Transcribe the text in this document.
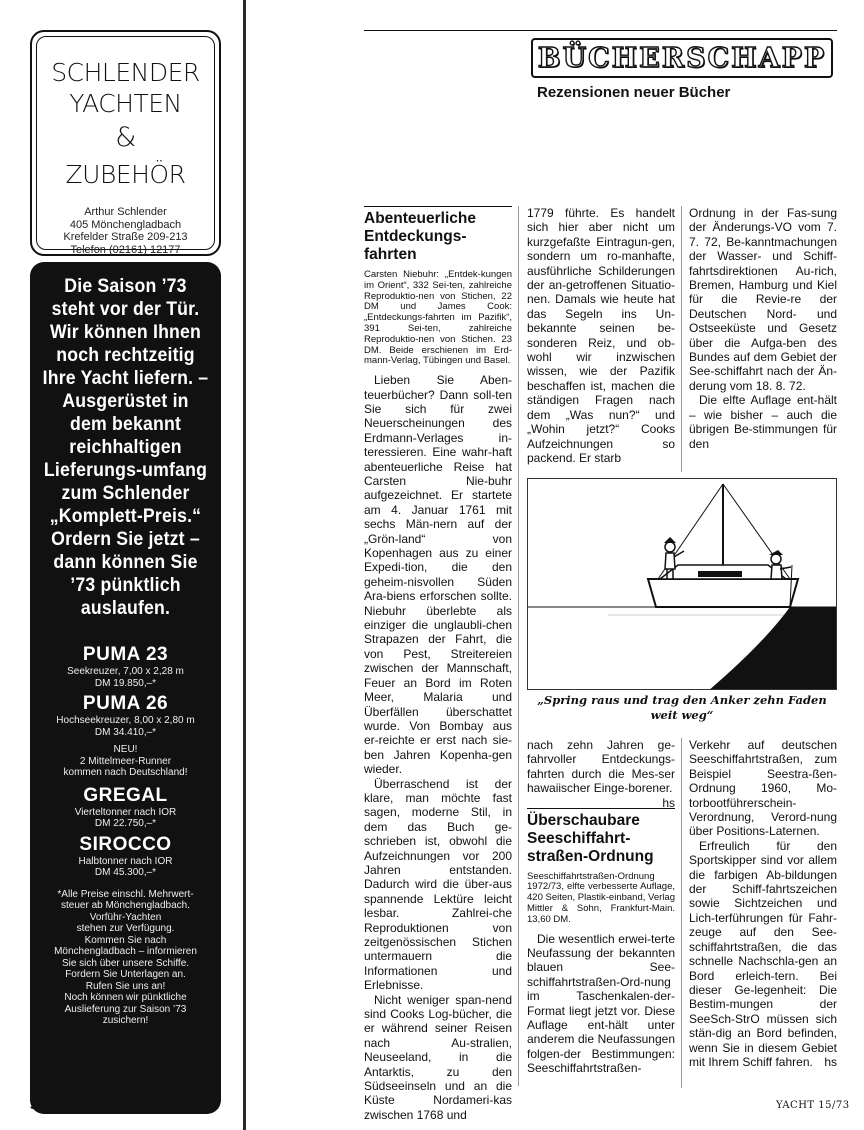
SCHLENDER
YACHTEN
&
ZUBEHÖR
Arthur Schlender
405 Mönchengladbach
Krefelder Straße 209-213
Telefon (02161) 12177
Die Saison ’73 steht vor der Tür. Wir können Ihnen noch rechtzeitig Ihre Yacht liefern. – Ausgerüstet in dem bekannt reichhaltigen Lieferungs-umfang zum Schlender „Komplett-Preis.“ Ordern Sie jetzt – dann können Sie ’73 pünktlich auslaufen.
PUMA 23
Seekreuzer, 7,00 x 2,28 m
DM 19.850,–*
PUMA 26
Hochseekreuzer, 8,00 x 2,80 m
DM 34.410,–*
NEU!
2 Mittelmeer-Runner
kommen nach Deutschland!
GREGAL
Vierteltonner nach IOR
DM 22.750,–*
SIROCCO
Halbtonner nach IOR
DM 45.300,–*
*Alle Preise einschl. Mehrwert-
steuer ab Mönchengladbach.
Vorführ-Yachten
stehen zur Verfügung.
Kommen Sie nach
Mönchengladbach – informieren
Sie sich über unsere Schiffe.
Fordern Sie Unterlagen an.
Rufen Sie uns an!
Noch können wir pünktliche
Auslieferung zur Saison ’73
zusichern!
BÜCHERSCHAPP
Rezensionen neuer Bücher
Abenteuerliche Entdeckungs-fahrten
Carsten Niebuhr: „Entdek-kungen im Orient“, 332 Sei-ten, zahlreiche Reproduktio-nen von Stichen, 22 DM und James Cook: „Entdeckungs-fahrten im Pazifik“, 391 Sei-ten, zahlreiche Reproduktio-nen von Stichen. 23 DM. Beide erschienen im Erd-mann-Verlag, Tübingen und Basel.

Lieben Sie Aben-teuerbücher? Dann soll-ten Sie sich für zwei Neuerscheinungen des Erdmann-Verlages in-teressieren. Eine wahr-haft abenteuerliche Reise hat Carsten Nie-buhr aufgezeichnet. Er startete am 4. Januar 1761 mit sechs Män-nern auf der „Grön-land“ von Kopenhagen aus zu einer Expedi-tion, die den geheim-nisvollen Süden Ara-biens erforschen sollte. Niebuhr überlebte als einziger die unglaubli-chen Strapazen der Fahrt, die von Pest, Streitereien zwischen der Mannschaft, Feuer an Bord im Roten Meer, Malaria und Überfällen überschattet wurde. Von Bombay aus er-reichte er erst nach sie-ben Jahren Kopenha-gen wieder.

Überraschend ist der klare, man möchte fast sagen, moderne Stil, in dem das Buch ge-schrieben ist, obwohl die Aufzeichnungen vor 200 Jahren entstanden. Dadurch wird die über-aus spannende Lektüre leicht lesbar. Zahlrei-che Reproduktionen von zeitgenössischen Stichen untermauern die Informationen und Erlebnisse.

Nicht weniger span-nend sind Cooks Log-bücher, die er während seiner Reisen nach Au-stralien, Neuseeland, in die Antarktis, zu den Südseeinseln und an die Küste Nordameri-kas zwischen 1768 und

1779 führte. Es handelt sich hier aber nicht um kurzgefaßte Eintragun-gen, sondern um ro-manhafte, ausführliche Schilderungen der an-getroffenen Situatio-nen. Damals wie heute hat das Segeln ins Un-bekannte seinen be-sonderen Reiz, und ob-wohl wir inzwischen wissen, wie der Pazifik beschaffen ist, machen die ständigen Fragen nach dem „Was nun?“ und „Wohin jetzt?“ Cooks Aufzeichnungen so packend. Er starb

Ordnung in der Fas-sung der Änderungs-VO vom 7. 7. 72, Be-kanntmachungen der Wasser- und Schiff-fahrtsdirektionen Au-rich, Bremen, Hamburg und Kiel für die Revie-re der Deutschen Nord- und Ostseeküste und Gesetz über die Aufga-ben des Bundes auf dem Gebiet der See-schiffahrt nach der Än-derung vom 18. 8. 72.

Die elfte Auflage ent-hält – wie bisher – auch die übrigen Be-stimmungen für den

„Spring raus und trag den Anker zehn Faden weit weg“

nach zehn Jahren ge-fahrvoller Entdeckungs-fahrten durch die Mes-ser hawaiischer Einge-borener.
hs

Überschaubare Seeschiffahrt-straßen-Ordnung
Seeschiffahrtstraßen-Ordnung 1972/73, elfte verbesserte Auflage, 420 Seiten, Plastik-einband, Verlag Mittler & Sohn, Frankfurt-Main. 13,60 DM.

Die wesentlich erwei-terte Neufassung der bekannten blauen See-schiffahrtstraßen-Ord-nung im Taschenkalen-der-Format liegt jetzt vor. Diese Auflage ent-hält unter anderem die Neufassungen folgen-der Bestimmungen: Seeschiffahrtstraßen-

Verkehr auf deutschen Seeschiffahrtstraßen, zum Beispiel Seestra-ßen-Ordnung 1960, Mo-torbootführerschein-Verordnung, Verord-nung über Positions-Laternen.

Erfreulich für den Sportskipper sind vor allem die farbigen Ab-bildungen der Schiff-fahrtszeichen sowie Sichtzeichen und Lich-terführungen für Fahr-zeuge auf den See-schiffahrtstraßen, die das schnelle Nachschla-gen an Bord erleich-tern. Bei dieser Ge-legenheit: Die Bestim-mungen der SeeSch-StrO müssen sich stän-dig an Bord befinden, wenn Sie in diesem Gebiet mit Ihrem Schiff fahren. hs

30	YACHT 15/73
